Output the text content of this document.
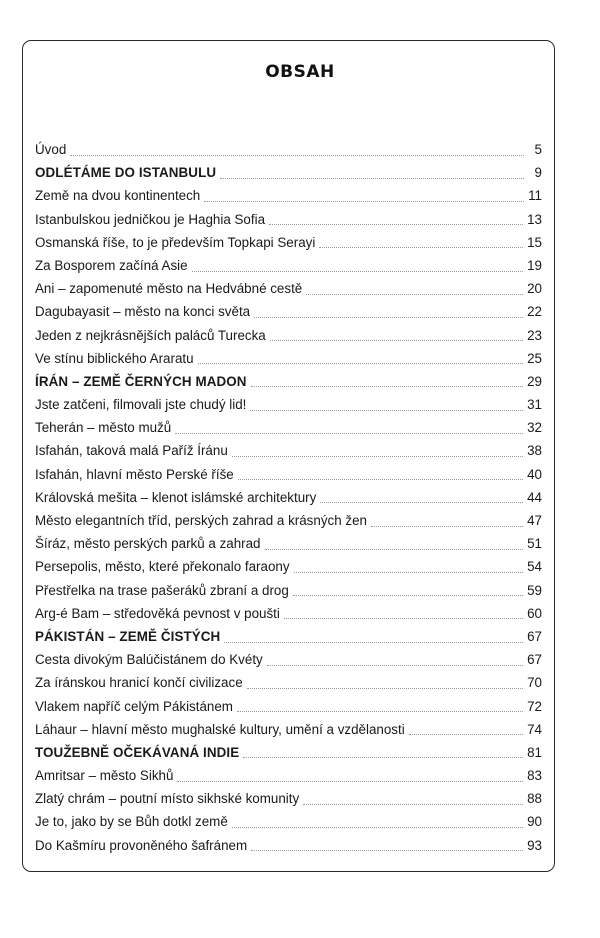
OBSAH
Úvod	5
ODLÉTÁME DO ISTANBULU	9
Země na dvou kontinentech	11
Istanbulskou jedničkou je Haghia Sofia	13
Osmanská říše, to je především Topkapi Serayi	15
Za Bosporem začíná Asie	19
Ani – zapomenuté město na Hedvábné cestě	20
Dagubayasit – město na konci světa	22
Jeden z nejkrásnějších paláců Turecka	23
Ve stínu biblického Araratu	25
ÍRÁN – ZEMĚ ČERNÝCH MADON	29
Jste zatčeni, filmovali jste chudý lid!	31
Teherán – město mužů	32
Isfahán, taková malá Paříž Íránu	38
Isfahán, hlavní město Perské říše	40
Královská mešita – klenot islámské architektury	44
Město elegantních tříd, perských zahrad a krásných žen	47
Šíráz, město perských parků a zahrad	51
Persepolis, město, které překonalo faraony	54
Přestřelka na trase pašeráků zbraní a drog	59
Arg-é Bam – středověká pevnost v poušti	60
PÁKISTÁN – ZEMĚ ČISTÝCH	67
Cesta divokým Balúčistánem do Kvéty	67
Za íránskou hranicí končí civilizace	70
Vlakem napříč celým Pákistánem	72
Láhaur – hlavní město mughalské kultury, umění a vzdělanosti	74
TOUŽEBNĚ OČEKÁVANÁ INDIE	81
Amritsar – město Sikhů	83
Zlatý chrám – poutní místo sikhské komunity	88
Je to, jako by se Bůh dotkl země	90
Do Kašmíru provoněného šafránem	93
